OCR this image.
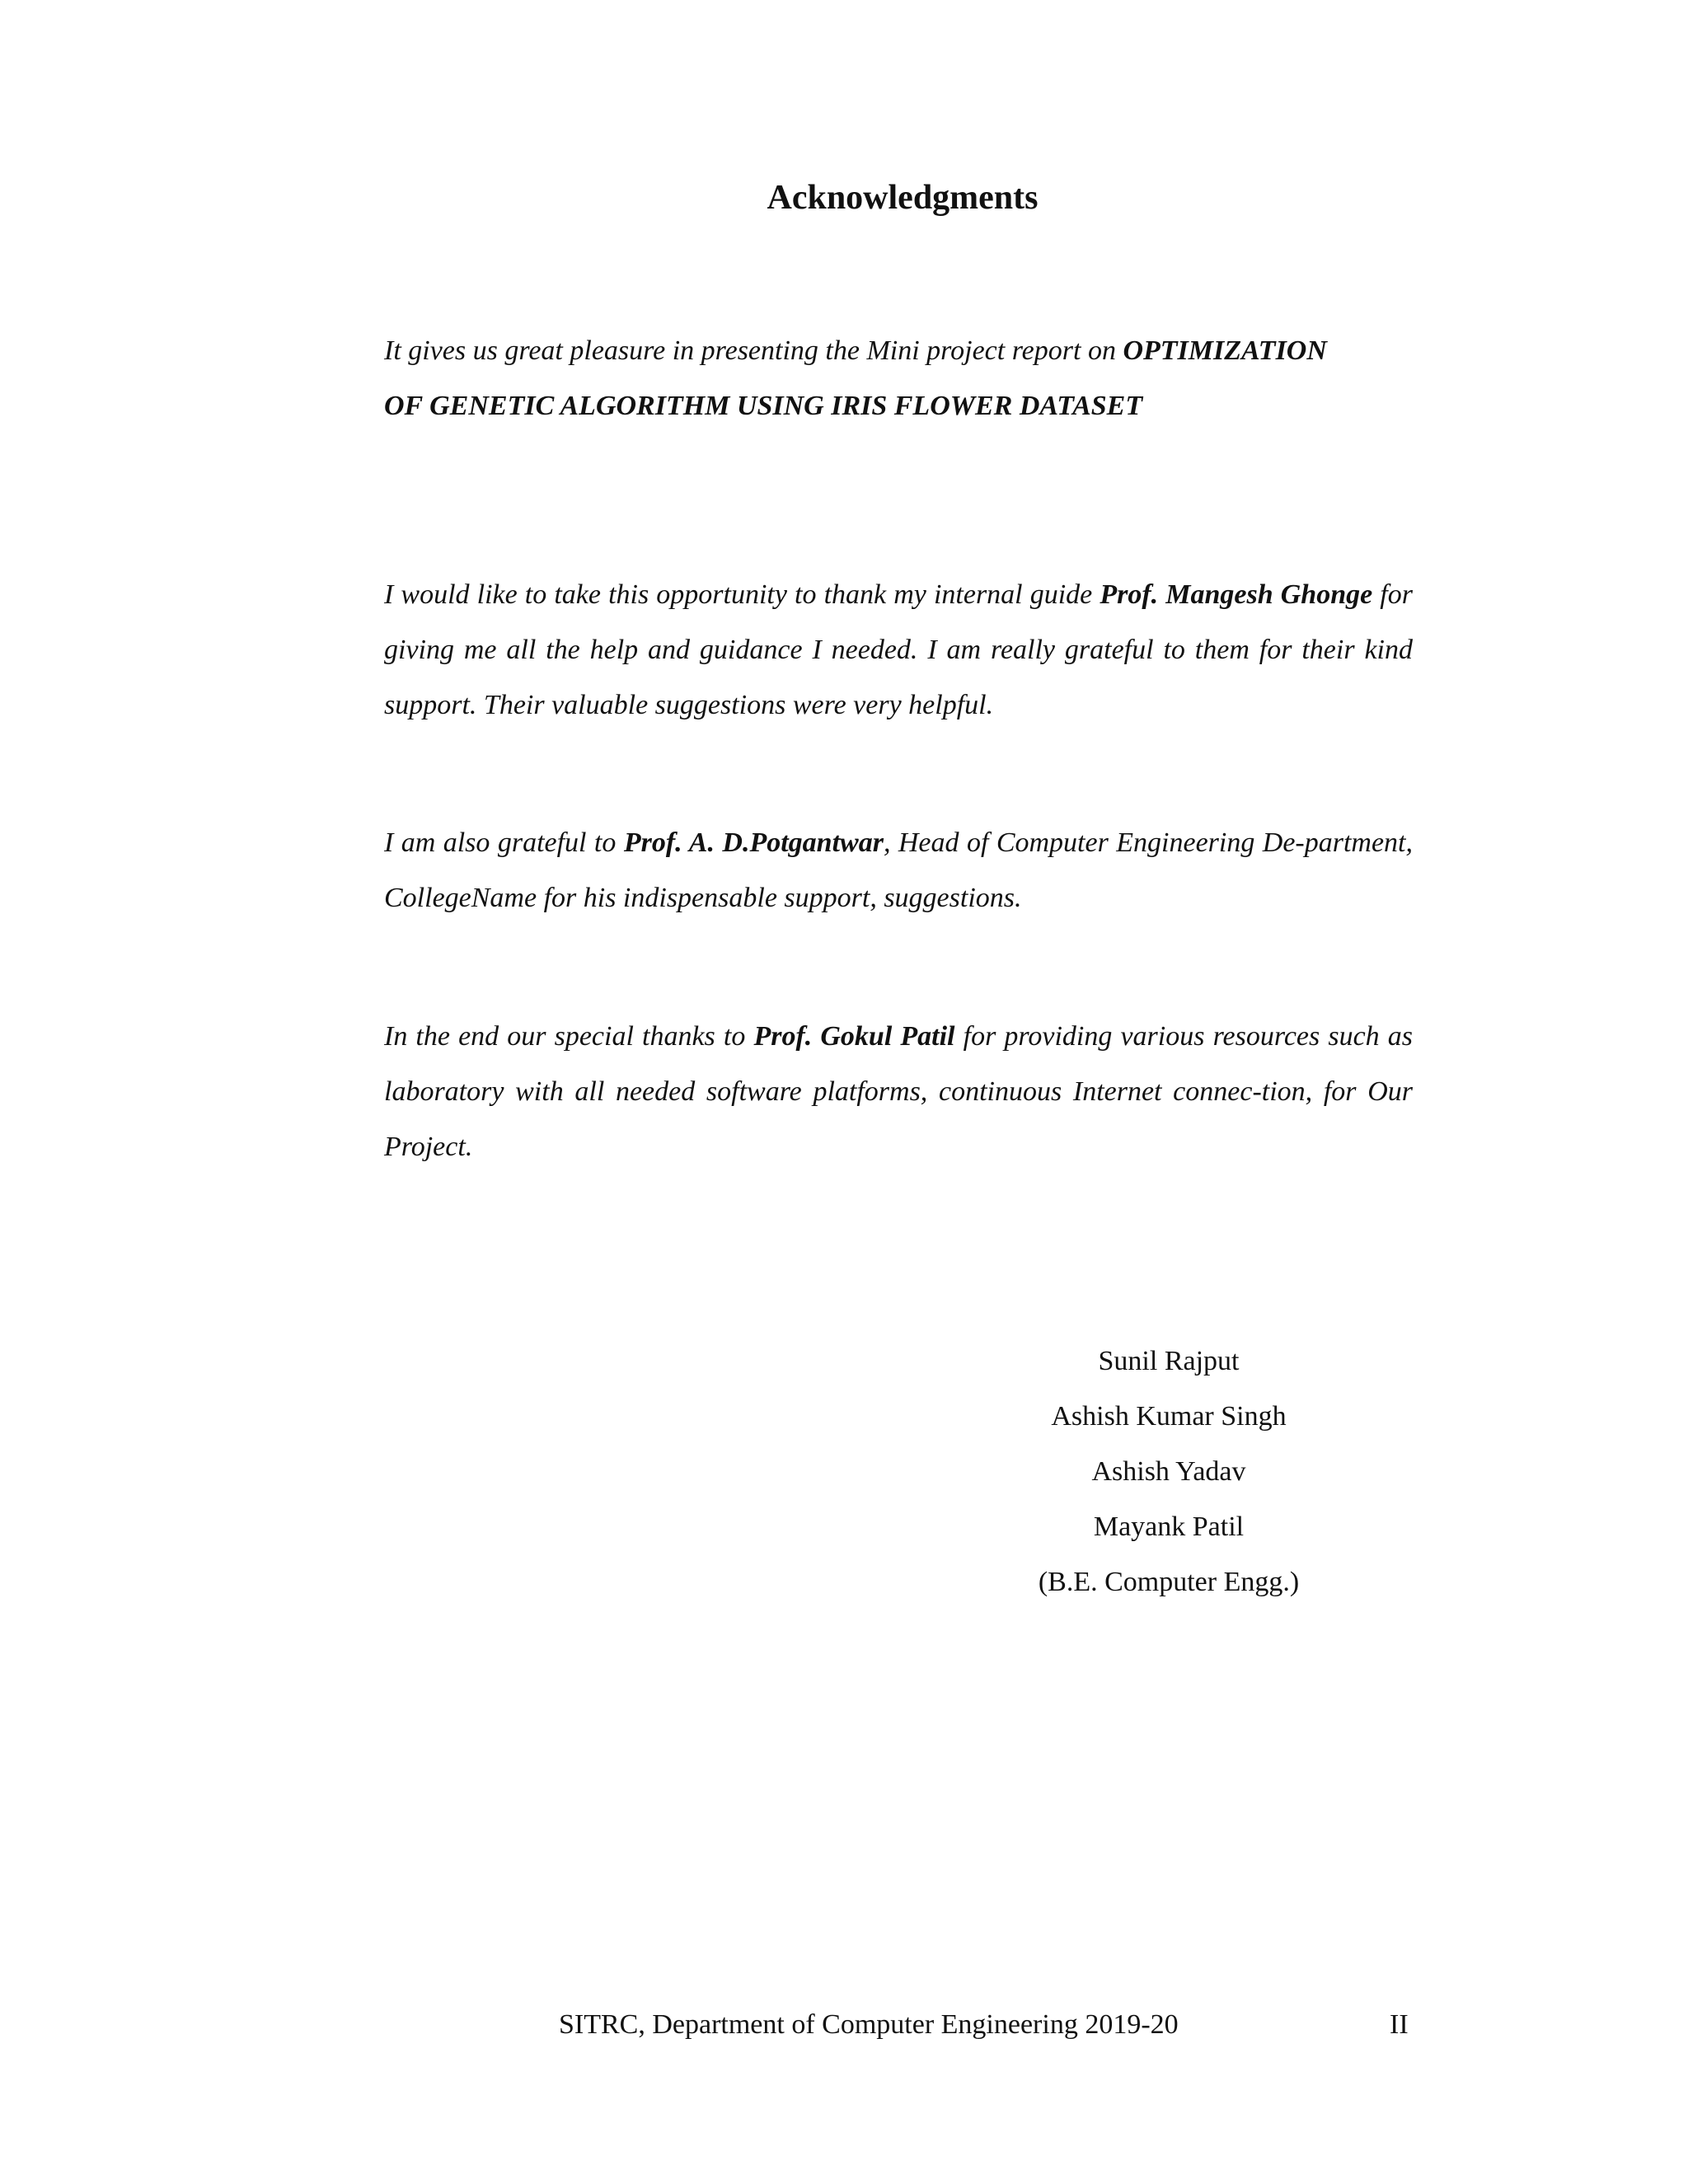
Acknowledgments

It gives us great pleasure in presenting the Mini project report on OPTIMIZATION
OF GENETIC ALGORITHM USING IRIS FLOWER DATASET

I would like to take this opportunity to thank my internal guide Prof. Mangesh Ghonge for giving me all the help and guidance I needed. I am really grateful to them for their kind support. Their valuable suggestions were very helpful.

I am also grateful to Prof. A. D.Potgantwar, Head of Computer Engineering De-partment, CollegeName for his indispensable support, suggestions.

In the end our special thanks to Prof. Gokul Patil for providing various resources such as laboratory with all needed software platforms, continuous Internet connec-tion, for Our Project.

Sunil Rajput
Ashish Kumar Singh
Ashish Yadav
Mayank Patil
(B.E. Computer Engg.)
SITRC, Department of Computer Engineering 2019-20	II
